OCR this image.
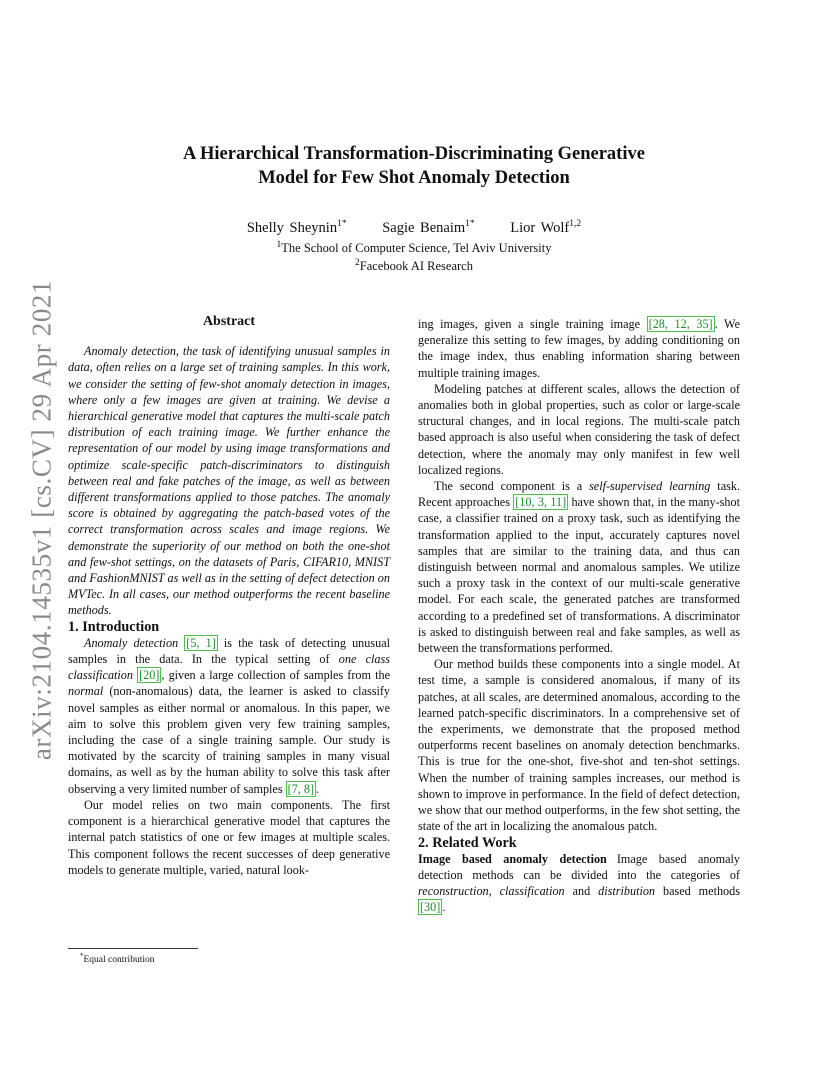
arXiv:2104.14535v1 [cs.CV] 29 Apr 2021
A Hierarchical Transformation-Discriminating Generative
Model for Few Shot Anomaly Detection
Shelly Sheynin$^{1*}$ Sagie Benaim$^{1*}$ Lior Wolf$^{1,2}$
$^1$The School of Computer Science, Tel Aviv University
$^2$Facebook AI Research
Abstract

Anomaly detection, the task of identifying unusual samples in data, often relies on a large set of training samples. In this work, we consider the setting of few-shot anomaly detection in images, where only a few images are given at training. We devise a hierarchical generative model that captures the multi-scale patch distribution of each training image. We further enhance the representation of our model by using image transformations and optimize scale-specific patch-discriminators to distinguish between real and fake patches of the image, as well as between different transformations applied to those patches. The anomaly score is obtained by aggregating the patch-based votes of the correct transformation across scales and image regions. We demonstrate the superiority of our method on both the one-shot and few-shot settings, on the datasets of Paris, CIFAR10, MNIST and FashionMNIST as well as in the setting of defect detection on MVTec. In all cases, our method outperforms the recent baseline methods.

1. Introduction

Anomaly detection [5, 1] is the task of detecting unusual samples in the data. In the typical setting of one class classification [20] , given a large collection of samples from the normal (non-anomalous) data, the learner is asked to classify novel samples as either normal or anomalous. In this paper, we aim to solve this problem given very few training samples, including the case of a single training sample. Our study is motivated by the scarcity of training samples in many visual domains, as well as by the human ability to solve this task after observing a very limited number of samples [7, 8] .

Our model relies on two main components. The first component is a hierarchical generative model that captures the internal patch statistics of one or few images at multiple scales. This component follows the recent successes of deep generative models to generate multiple, varied, natural look-

ing images, given a single training image [28, 12, 35] . We generalize this setting to few images, by adding conditioning on the image index, thus enabling information sharing between multiple training images.

Modeling patches at different scales, allows the detection of anomalies both in global properties, such as color or large-scale structural changes, and in local regions. The multi-scale patch based approach is also useful when considering the task of defect detection, where the anomaly may only manifest in few well localized regions.

The second component is a self-supervised learning task. Recent approaches [10, 3, 11] have shown that, in the many-shot case, a classifier trained on a proxy task, such as identifying the transformation applied to the input, accurately captures novel samples that are similar to the training data, and thus can distinguish between normal and anomalous samples. We utilize such a proxy task in the context of our multi-scale generative model. For each scale, the generated patches are transformed according to a predefined set of transformations. A discriminator is asked to distinguish between real and fake samples, as well as between the transformations performed.

Our method builds these components into a single model. At test time, a sample is considered anomalous, if many of its patches, at all scales, are determined anomalous, according to the learned patch-specific discriminators. In a comprehensive set of the experiments, we demonstrate that the proposed method outperforms recent baselines on anomaly detection benchmarks. This is true for the one-shot, five-shot and ten-shot settings. When the number of training samples increases, our method is shown to improve in performance. In the field of defect detection, we show that our method outperforms, in the few shot setting, the state of the art in localizing the anomalous patch.

2. Related Work

Image based anomaly detection Image based anomaly detection methods can be divided into the categories of reconstruction, classification and distribution based methods [30] .

*Equal contribution
